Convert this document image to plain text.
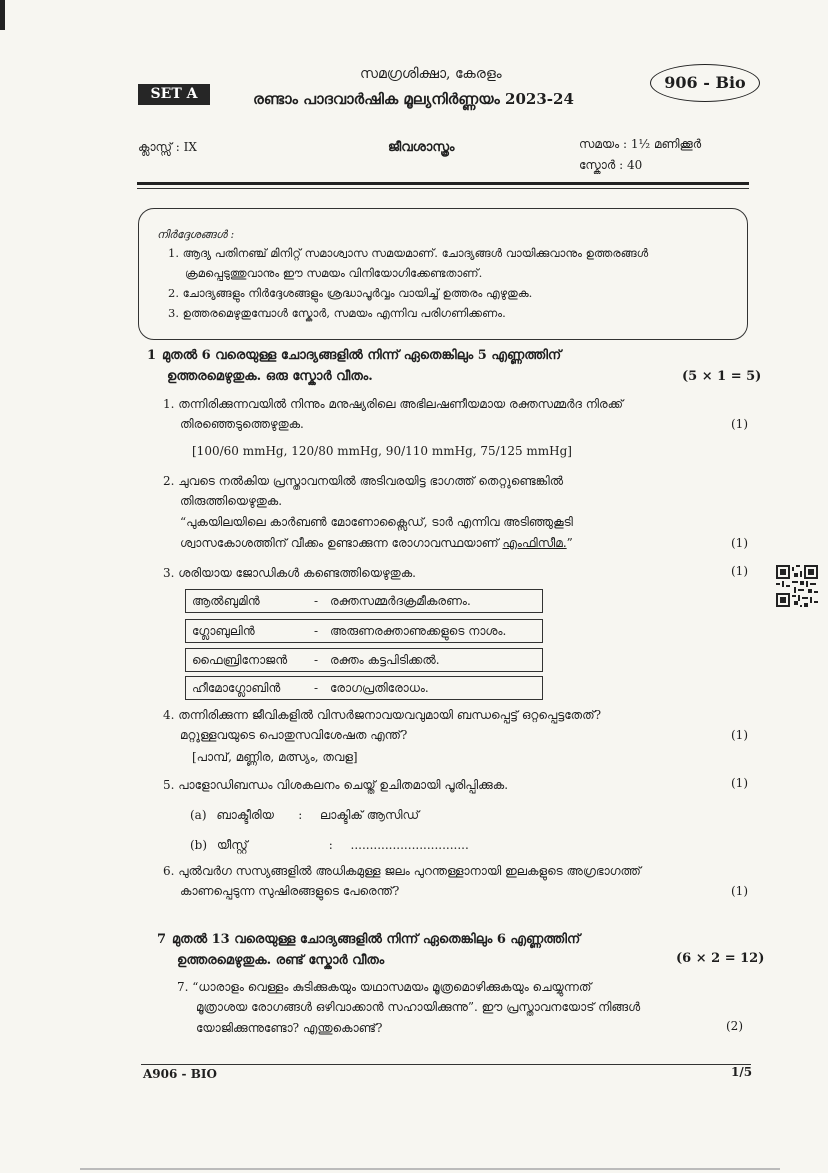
SET A
സമഗ്രശിക്ഷാ, കേരളം
രണ്ടാം പാദവാർഷിക മൂല്യനിർണ്ണയം 2023-24
906 - Bio
ക്ലാസ്സ് : IX	ജീവശാസ്ത്രം	സമയം : 1½ മണിക്കൂർ
സ്കോർ : 40
നിർദ്ദേശങ്ങൾ :
1. ആദ്യ പതിനഞ്ച് മിനിറ്റ് സമാശ്വാസ സമയമാണ്. ചോദ്യങ്ങൾ വായിക്കുവാനും ഉത്തരങ്ങൾ
ക്രമപ്പെടുത്തുവാനും ഈ സമയം വിനിയോഗിക്കേണ്ടതാണ്.
2. ചോദ്യങ്ങളും നിർദ്ദേശങ്ങളും ശ്രദ്ധാപൂർവ്വം വായിച്ച് ഉത്തരം എഴുതുക.
3. ഉത്തരമെഴുതുമ്പോൾ സ്കോർ, സമയം എന്നിവ പരിഗണിക്കണം.
1 മുതൽ 6 വരെയുള്ള ചോദ്യങ്ങളിൽ നിന്ന് ഏതെങ്കിലും 5 എണ്ണത്തിന്
ഉത്തരമെഴുതുക. ഒരു സ്കോർ വീതം.	(5 × 1 = 5)
1. തന്നിരിക്കുന്നവയിൽ നിന്നും മനുഷ്യരിലെ അഭിലഷണീയമായ രക്തസമ്മർദ നിരക്ക്
തിരഞ്ഞെടുത്തെഴുതുക.	(1)
[100/60 mmHg, 120/80 mmHg, 90/110 mmHg, 75/125 mmHg]
2. ചുവടെ നൽകിയ പ്രസ്താവനയിൽ അടിവരയിട്ട ഭാഗത്ത് തെറ്റുണ്ടെങ്കിൽ
തിരുത്തിയെഴുതുക.
“പുകയിലയിലെ കാർബൺ മോണോക്സൈഡ്, ടാർ എന്നിവ അടിഞ്ഞുകൂടി
ശ്വാസകോശത്തിന് വീക്കം ഉണ്ടാക്കുന്ന രോഗാവസ്ഥയാണ് എംഫിസീമ.”	(1)
3. ശരിയായ ജോഡികൾ കണ്ടെത്തിയെഴുതുക.	(1)
ആൽബുമിൻ	- രക്തസമ്മർദക്രമീകരണം.
ഗ്ലോബുലിൻ	- അരുണരക്താണുക്കളുടെ നാശം.
ഫൈബ്രിനോജൻ - രക്തം കട്ടപിടിക്കൽ.
ഹീമോഗ്ലോബിൻ	- രോഗപ്രതിരോധം.
4. തന്നിരിക്കുന്ന ജീവികളിൽ വിസർജനാവയവവുമായി ബന്ധപ്പെട്ട് ഒറ്റപ്പെട്ടതേത്?
മറ്റുള്ളവയുടെ പൊതുസവിശേഷത എന്ത്?	(1)
[പാമ്പ്, മണ്ണിര, മത്സ്യം, തവള]
5. പാളോഡിബന്ധം വിശകലനം ചെയ്ത് ഉചിതമായി പൂരിപ്പിക്കുക.	(1)
(a) ബാക്ടീരിയ : ലാക്ടിക് ആസിഡ്
(b) യീസ്റ്റ്	: ...............................
6. പുൽവർഗ സസ്യങ്ങളിൽ അധികമുള്ള ജലം പുറന്തള്ളാനായി ഇലകളുടെ അഗ്രഭാഗത്ത്
കാണപ്പെടുന്ന സുഷിരങ്ങളുടെ പേരെന്ത്?	(1)
7 മുതൽ 13 വരെയുള്ള ചോദ്യങ്ങളിൽ നിന്ന് ഏതെങ്കിലും 6 എണ്ണത്തിന്
ഉത്തരമെഴുതുക. രണ്ട് സ്കോർ വീതം	(6 × 2 = 12)
7. “ധാരാളം വെള്ളം കുടിക്കുകയും യഥാസമയം മൂത്രമൊഴിക്കുകയും ചെയ്യുന്നത്
മൂത്രാശയ രോഗങ്ങൾ ഒഴിവാക്കാൻ സഹായിക്കുന്നു”. ഈ പ്രസ്താവനയോട് നിങ്ങൾ
യോജിക്കുന്നുണ്ടോ? എന്തുകൊണ്ട്?	(2)
A906 - BIO	1/5
